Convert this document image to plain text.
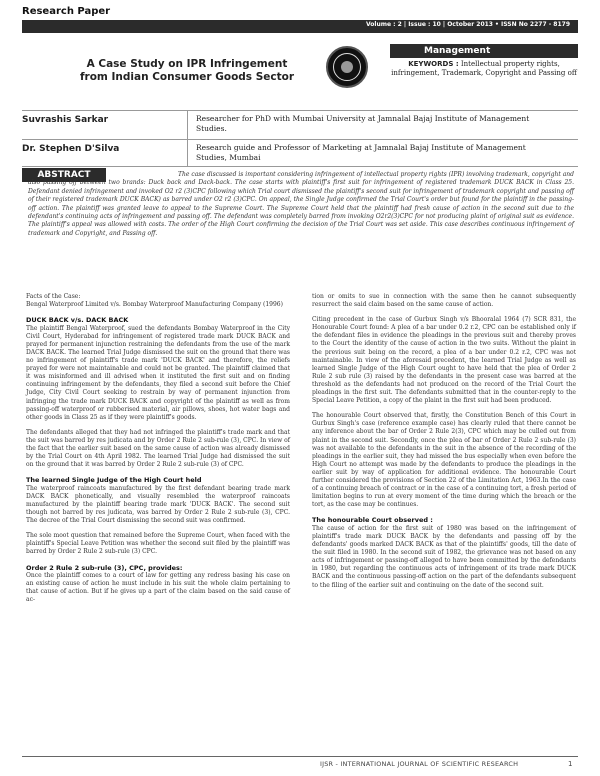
Research Paper
Volume : 2 | Issue : 10 | October 2013 • ISSN No 2277 - 8179
A Case Study on IPR Infringement from Indian Consumer Goods Sector
Management
KEYWORDS : Intellectual property rights, infringement, Trademark, Copyright and Passing off
Suvrashis Sarkar	Researcher for PhD with Mumbai University at Jamnalal Bajaj Institute of Management Studies.
Dr. Stephen D'Silva	Research guide and Professor of Marketing at Jamnalal Bajaj Institute of Management Studies, Mumbai
ABSTRACT	The case discussed is important considering infringement of intellectual property rights (IPR) involving trademark, copyright and also passing off between two brands: Duck back and Dack-back. The case starts with plaintiff's first suit for infringement of registered trademark DUCK BACK in Class 25. Defendant denied infringement and invoked O2 r2 (3)CPC following which Trial court dismissed the plaintiff's second suit for infringement of trademark copyright and passing off of their registered trademark DUCK BACK) as barred under O2 r2 (3)CPC. On appeal, the Single Judge confirmed the Trial Court's order but found for the plaintiff in the passing-off action. The plaintiff was granted leave to appeal to the Supreme Court. The Supreme Court held that the plaintiff had fresh cause of action in the second suit due to the defendant's continuing acts of infringement and passing off. The defendant was completely barred from invoking O2r2(3)CPC for not producing plaint of original suit as evidence. The plaintiff's appeal was allowed with costs. The order of the High Court confirming the decision of the Trial Court was set aside. This case describes continuous infringement of trademark and Copyright, and Passing off.

Facts of the Case:
Bengal Waterproof Limited v/s. Bombay Waterproof Manufacturing Company (1996)

DUCK BACK v/s. DACK BACK

The plaintiff Bengal Waterproof, sued the defendants Bombay Waterproof in the City Civil Court, Hyderabad for infringement of registered trade mark DUCK BACK and prayed for permanent injunction restraining the defendants from the use of the mark DACK BACK. The learned Trial Judge dismissed the suit on the ground that there was no infringement of plaintiff's trade mark 'DUCK BACK' and therefore, the reliefs prayed for were not maintainable and could not be granted. The plaintiff claimed that it was misinformed and ill advised when it instituted the first suit and on finding continuing infringement by the defendants, they filed a second suit before the Chief Judge, City Civil Court seeking to restrain by way of permanent injunction from infringing the trade mark DUCK BACK and copyright of the plaintiff as well as from passing-off waterproof or rubberised material, air pillows, shoes, hot water bags and other goods in Class 25 as if they were plaintiff's goods.

The defendants alleged that they had not infringed the plaintiff's trade mark and that the suit was barred by res judicata and by Order 2 Rule 2 sub-rule (3), CPC. In view of the fact that the earlier suit based on the same cause of action was already dismissed by the Trial Court on 4th April 1982. The learned Trial Judge had dismissed the suit on the ground that it was barred by Order 2 Rule 2 sub-rule (3) of CPC.

The learned Single Judge of the High Court held

The waterproof raincoats manufactured by the first defendant bearing trade mark DACK BACK phonetically, and visually resembled the waterproof raincoats manufactured by the plaintiff bearing trade mark 'DUCK BACK'. The second suit though not barred by res judicata, was barred by Order 2 Rule 2 sub-rule (3), CPC. The decree of the Trial Court dismissing the second suit was confirmed.

The sole moot question that remained before the Supreme Court, when faced with the plaintiff's Special Leave Petition was whether the second suit filed by the plaintiff was barred by Order 2 Rule 2 sub-rule (3) CPC.

Order 2 Rule 2 sub-rule (3), CPC, provides:

Once the plaintiff comes to a court of law for getting any redress basing his case on an existing cause of action he must include in his suit the whole claim pertaining to that cause of action. But if he gives up a part of the claim based on the said cause of ac-

tion or omits to sue in connection with the same then he cannot subsequently resurrect the said claim based on the same cause of action.

Citing precedent in the case of Gurbux Singh v/s Bhooralal 1964 (7) SCR 831, the Honourable Court found: A plea of a bar under 0.2 r.2, CPC can be established only if the defendant files in evidence the pleadings in the previous suit and thereby proves to the Court the identity of the cause of action in the two suits. Without the plaint in the previous suit being on the record, a plea of a bar under 0.2 r.2, CPC was not maintainable. In view of the aforesaid precedent, the learned Trial Judge as well as learned Single Judge of the High Court ought to have held that the plea of Order 2 Rule 2 sub rule (3) raised by the defendants in the present case was barred at the threshold as the defendants had not produced on the record of the Trial Court the pleadings in the first suit. The defendants submitted that in the counter-reply to the Special Leave Petition, a copy of the plaint in the first suit had been produced.

The honourable Court observed that, firstly, the Constitution Bench of this Court in Gurbux Singh's case (reference example case) has clearly ruled that there cannot be any inference about the bar of Order 2 Rule 2(3), CPC which may be culled out from plaint in the second suit. Secondly, once the plea of bar of Order 2 Rule 2 sub-rule (3) was not available to the defendants in the suit in the absence of the recording of the pleadings in the earlier suit, they had missed the bus especially when even before the High Court no attempt was made by the defendants to produce the pleadings in the earlier suit by way of application for additional evidence. The honourable Court further considered the provisions of Section 22 of the Limitation Act, 1963.In the case of a continuing breach of contract or in the case of a continuing tort, a fresh period of limitation begins to run at every moment of the time during which the breach or the tort, as the case may be continues.

The honourable Court observed :

The cause of action for the first suit of 1980 was based on the infringement of plaintiff's trade mark DUCK BACK by the defendants and passing off by the defendants' goods marked DACK BACK as that of the plaintiffs' goods, till the date of the suit filed in 1980. In the second suit of 1982, the grievance was not based on any acts of infringement or passing-off alleged to have been committed by the defendants in 1980, but regarding the continuous acts of infringement of its trade mark DUCK BACK and the continuous passing-off action on the part of the defendants subsequent to the filing of the earlier suit and continuing on the date of the second suit.

IJSR - INTERNATIONAL JOURNAL OF SCIENTIFIC RESEARCH	1
